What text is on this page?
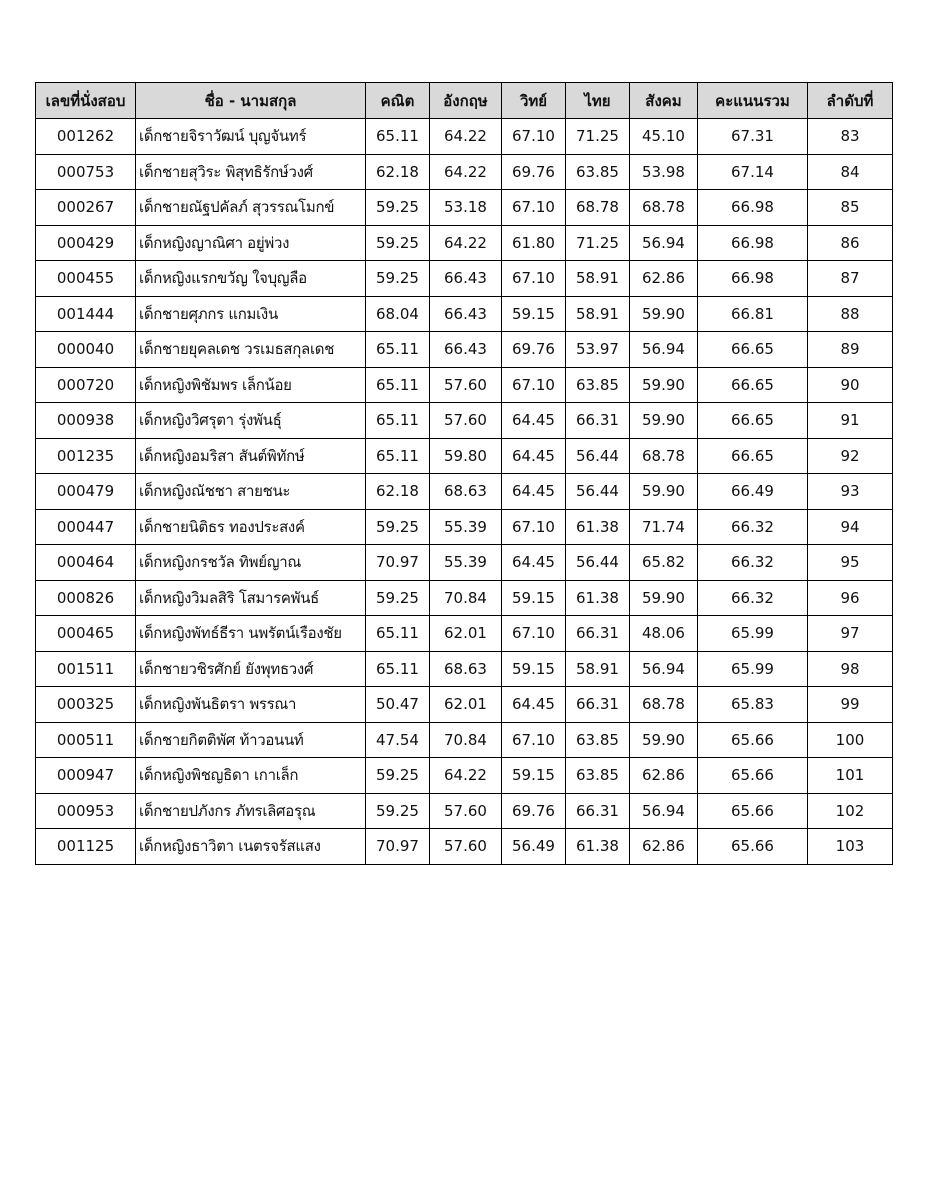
เลขที่นั่งสอบ	ชื่อ - นามสกุล	คณิต	อังกฤษ	วิทย์	ไทย	สังคม	คะแนนรวม	ลำดับที่
001262	เด็กชายจิราวัฒน์ บุญจันทร์	65.11	64.22	67.10	71.25	45.10	67.31	83
000753	เด็กชายสุวิระ พิสุทธิรักษ์วงศ์	62.18	64.22	69.76	63.85	53.98	67.14	84
000267	เด็กชายณัฐปคัลภ์ สุวรรณโมกข์	59.25	53.18	67.10	68.78	68.78	66.98	85
000429	เด็กหญิงญาณิศา อยู่พ่วง	59.25	64.22	61.80	71.25	56.94	66.98	86
000455	เด็กหญิงแรกขวัญ ใจบุญลือ	59.25	66.43	67.10	58.91	62.86	66.98	87
001444	เด็กชายศุภกร แกมเงิน	68.04	66.43	59.15	58.91	59.90	66.81	88
000040	เด็กชายยุคลเดช วรเมธสกุลเดช	65.11	66.43	69.76	53.97	56.94	66.65	89
000720	เด็กหญิงพิชัมพร เล็กน้อย	65.11	57.60	67.10	63.85	59.90	66.65	90
000938	เด็กหญิงวิศรุตา รุ่งพันธุ์	65.11	57.60	64.45	66.31	59.90	66.65	91
001235	เด็กหญิงอมริสา สันต์พิทักษ์	65.11	59.80	64.45	56.44	68.78	66.65	92
000479	เด็กหญิงณัชชา สายชนะ	62.18	68.63	64.45	56.44	59.90	66.49	93
000447	เด็กชายนิติธร ทองประสงค์	59.25	55.39	67.10	61.38	71.74	66.32	94
000464	เด็กหญิงกรชวัล ทิพย์ญาณ	70.97	55.39	64.45	56.44	65.82	66.32	95
000826	เด็กหญิงวิมลสิริ โสมารคพันธ์	59.25	70.84	59.15	61.38	59.90	66.32	96
000465	เด็กหญิงพัทธ์ธีรา นพรัตน์เรืองชัย	65.11	62.01	67.10	66.31	48.06	65.99	97
001511	เด็กชายวชิรศักย์ ยังพุทธวงศ์	65.11	68.63	59.15	58.91	56.94	65.99	98
000325	เด็กหญิงพันธิตรา พรรณา	50.47	62.01	64.45	66.31	68.78	65.83	99
000511	เด็กชายกิตติพัศ ท้าวอนนท์	47.54	70.84	67.10	63.85	59.90	65.66	100
000947	เด็กหญิงพิชญธิดา เกาเล็ก	59.25	64.22	59.15	63.85	62.86	65.66	101
000953	เด็กชายปภังกร ภัทรเลิศอรุณ	59.25	57.60	69.76	66.31	56.94	65.66	102
001125	เด็กหญิงธาวิตา เนตรจรัสแสง	70.97	57.60	56.49	61.38	62.86	65.66	103
